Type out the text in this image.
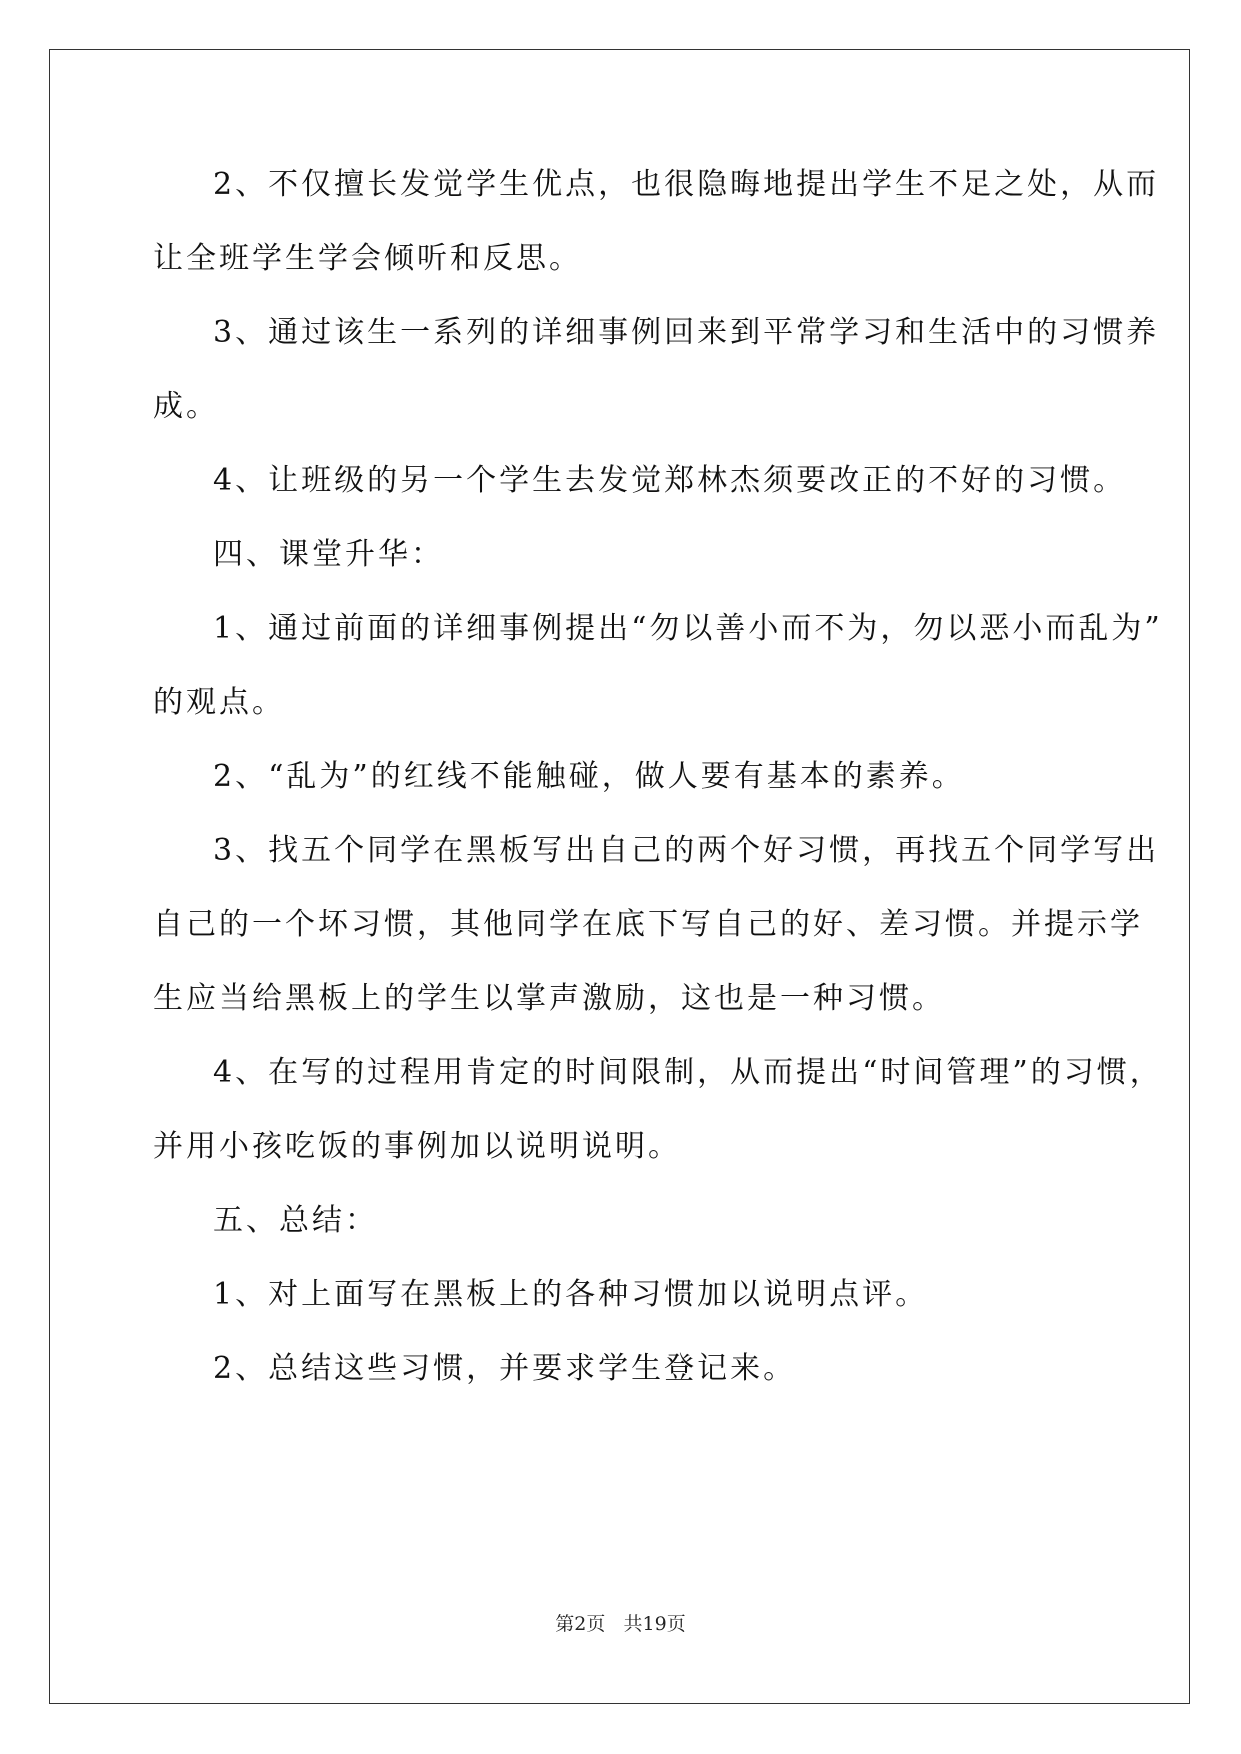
2、不仅擅长发觉学生优点，也很隐晦地提出学生不足之处，从而
让全班学生学会倾听和反思。
3、通过该生一系列的详细事例回来到平常学习和生活中的习惯养
成。
4、让班级的另一个学生去发觉郑林杰须要改正的不好的习惯。
四、课堂升华：
1、通过前面的详细事例提出“勿以善小而不为，勿以恶小而乱为”
的观点。
2、“乱为”的红线不能触碰，做人要有基本的素养。
3、找五个同学在黑板写出自己的两个好习惯，再找五个同学写出
自己的一个坏习惯，其他同学在底下写自己的好、差习惯。并提示学
生应当给黑板上的学生以掌声激励，这也是一种习惯。
4、在写的过程用肯定的时间限制，从而提出“时间管理”的习惯，
并用小孩吃饭的事例加以说明说明。
五、总结：
1、对上面写在黑板上的各种习惯加以说明点评。
2、总结这些习惯，并要求学生登记来。
第2页 共19页
